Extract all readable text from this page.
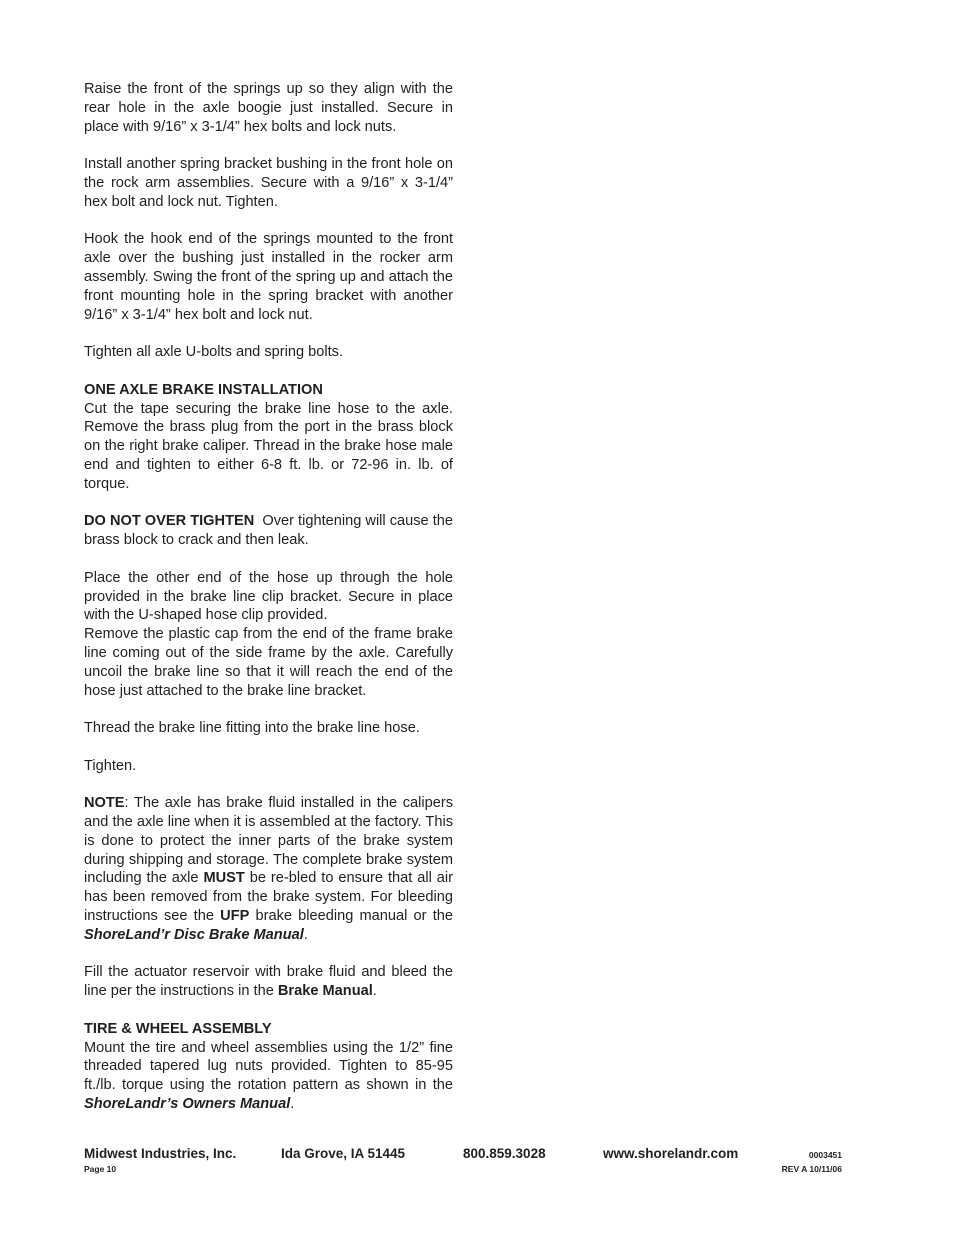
Raise the front of the springs up so they align with the rear hole in the axle boogie just installed. Secure in place with 9/16” x 3-1/4” hex bolts and lock nuts.

Install another spring bracket bushing in the front hole on the rock arm assemblies. Secure with a 9/16” x 3-1/4” hex bolt and lock nut. Tighten.

Hook the hook end of the springs mounted to the front axle over the bushing just installed in the rocker arm assembly. Swing the front of the spring up and attach the front mounting hole in the spring bracket with another 9/16” x 3-1/4” hex bolt and lock nut.

Tighten all axle U-bolts and spring bolts.

ONE AXLE BRAKE INSTALLATION

Cut the tape securing the brake line hose to the axle. Remove the brass plug from the port in the brass block on the right brake caliper. Thread in the brake hose male end and tighten to either 6-8 ft. lb. or 72-96 in. lb. of torque.

DO NOT OVER TIGHTEN  Over tightening will cause the brass block to crack and then leak.

Place the other end of the hose up through the hole provided in the brake line clip bracket. Secure in place with the U-shaped hose clip provided.

Remove the plastic cap from the end of the frame brake line coming out of the side frame by the axle. Carefully uncoil the brake line so that it will reach the end of the hose just attached to the brake line bracket.

Thread the brake line fitting into the brake line hose.

Tighten.

NOTE: The axle has brake fluid installed in the calipers and the axle line when it is assembled at the factory. This is done to protect the inner parts of the brake system during shipping and storage. The complete brake system including the axle MUST be re-bled to ensure that all air has been removed from the brake system. For bleeding instructions see the UFP brake bleeding manual or the ShoreLand’r Disc Brake Manual.

Fill the actuator reservoir with brake fluid and bleed the line per the instructions in the Brake Manual.

TIRE & WHEEL ASSEMBLY

Mount the tire and wheel assemblies using the 1/2” fine threaded tapered lug nuts provided. Tighten to 85-95 ft./lb. torque using the rotation pattern as shown in the ShoreLandr’s Owners Manual.

Midwest Industries, Inc.	Ida Grove, IA 51445	800.859.3028	www.shorelandr.com	0003451
Page 10	REV A 10/11/06
